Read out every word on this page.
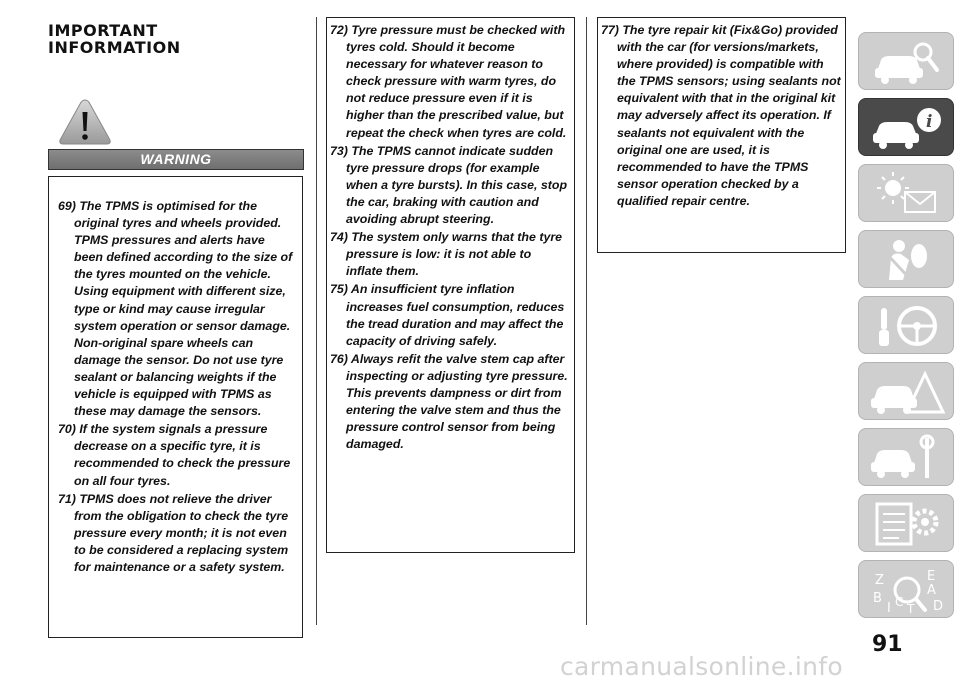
IMPORTANT
INFORMATION
WARNING

69) The TPMS is optimised for the original tyres and wheels provided. TPMS pressures and alerts have been defined according to the size of the tyres mounted on the vehicle. Using equipment with different size, type or kind may cause irregular system operation or sensor damage. Non-original spare wheels can damage the sensor. Do not use tyre sealant or balancing weights if the vehicle is equipped with TPMS as these may damage the sensors.

70) If the system signals a pressure decrease on a specific tyre, it is recommended to check the pressure on all four tyres.

71) TPMS does not relieve the driver from the obligation to check the tyre pressure every month; it is not even to be considered a replacing system for maintenance or a safety system.

72) Tyre pressure must be checked with tyres cold. Should it become necessary for whatever reason to check pressure with warm tyres, do not reduce pressure even if it is higher than the prescribed value, but repeat the check when tyres are cold.

73) The TPMS cannot indicate sudden tyre pressure drops (for example when a tyre bursts). In this case, stop the car, braking with caution and avoiding abrupt steering.

74) The system only warns that the tyre pressure is low: it is not able to inflate them.

75) An insufficient tyre inflation increases fuel consumption, reduces the tread duration and may affect the capacity of driving safely.

76) Always refit the valve stem cap after inspecting or adjusting tyre pressure. This prevents dampness or dirt from entering the valve stem and thus the pressure control sensor from being damaged.

77) The tyre repair kit (Fix&Go) provided with the car (for versions/markets, where provided) is compatible with the TPMS sensors; using sealants not equivalent with that in the original kit may adversely affect its operation. If sealants not equivalent with the original one are used, it is recommended to have the TPMS sensor operation checked by a qualified repair centre.

i
Z	E
B
A
I C T D
91
carmanualsonline.info
